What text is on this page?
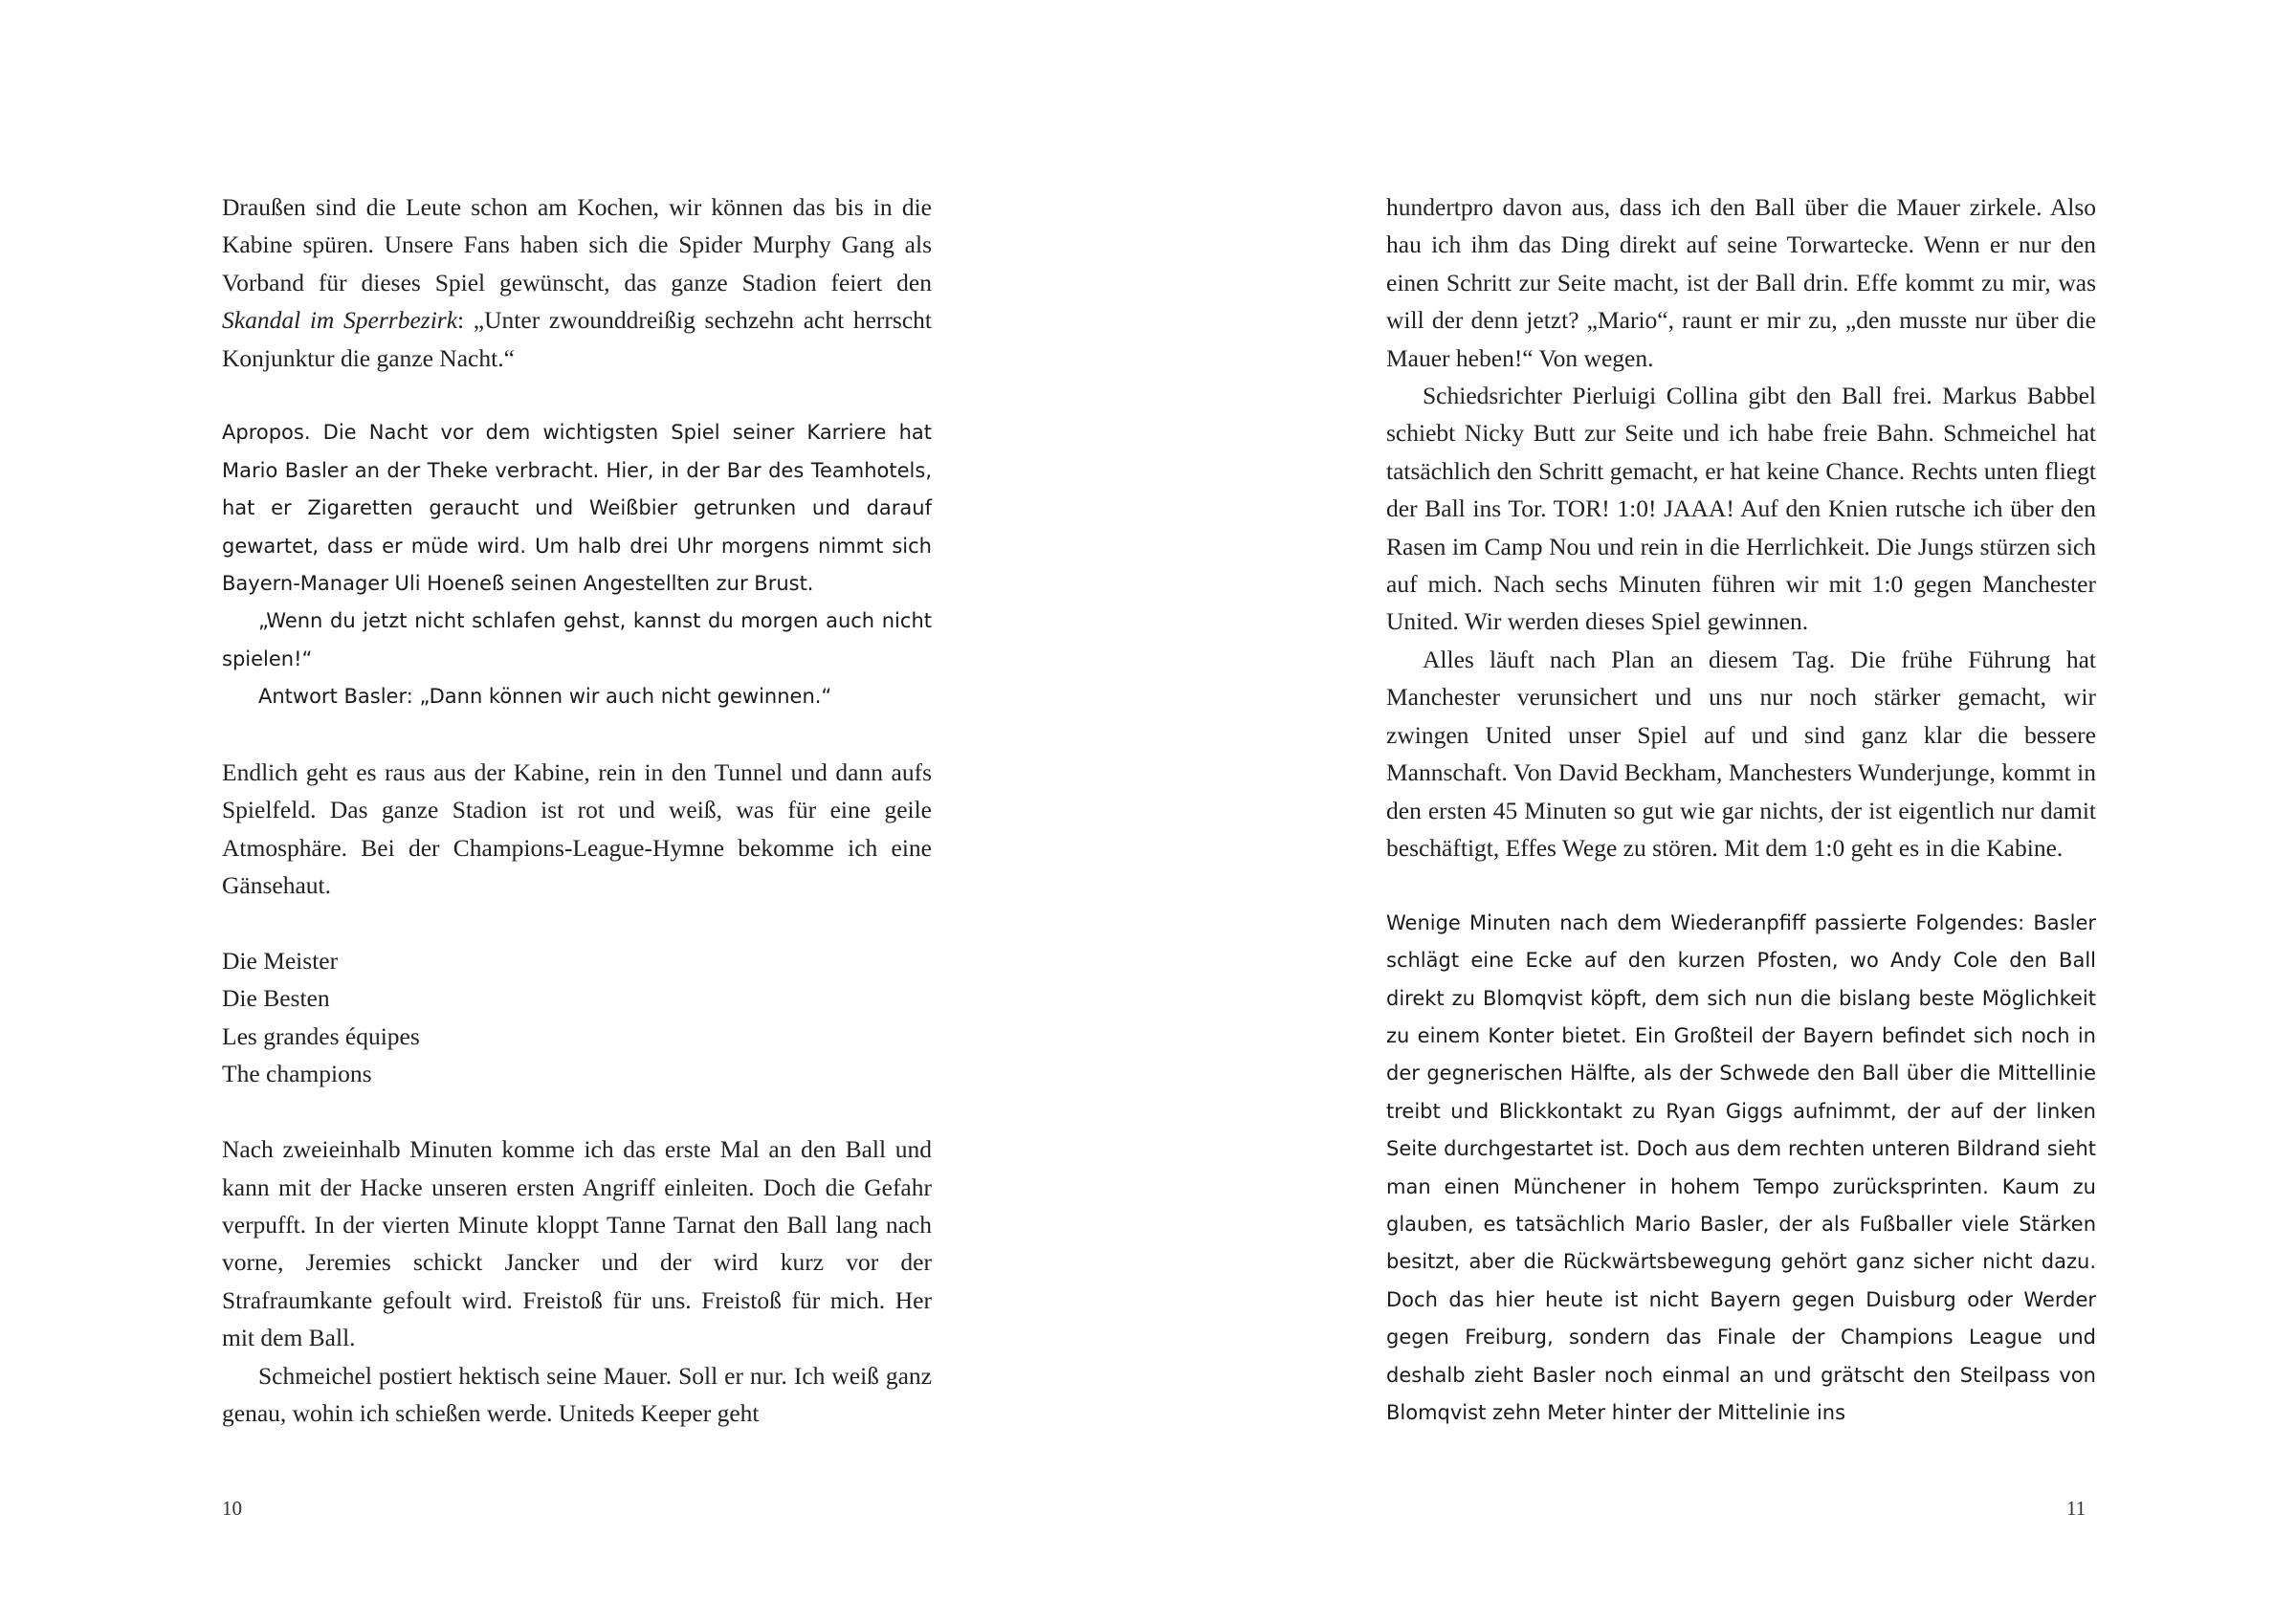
Draußen sind die Leute schon am Kochen, wir können das bis in die Kabine spüren. Unsere Fans haben sich die Spider Murphy Gang als Vorband für dieses Spiel gewünscht, das ganze Stadion feiert den Skandal im Sperrbezirk: „Unter zwounddreißig sechzehn acht herrscht Konjunktur die ganze Nacht.“

Apropos. Die Nacht vor dem wichtigsten Spiel seiner Karriere hat Mario Basler an der Theke verbracht. Hier, in der Bar des Teamhotels, hat er Zigaretten geraucht und Weißbier getrunken und darauf gewartet, dass er müde wird. Um halb drei Uhr morgens nimmt sich Bayern-Manager Uli Hoeneß seinen Angestellten zur Brust.

„Wenn du jetzt nicht schlafen gehst, kannst du morgen auch nicht spielen!“

Antwort Basler: „Dann können wir auch nicht gewinnen.“

Endlich geht es raus aus der Kabine, rein in den Tunnel und dann aufs Spielfeld. Das ganze Stadion ist rot und weiß, was für eine geile Atmosphäre. Bei der Champions-League-Hymne bekomme ich eine Gänsehaut.

Die Meister

Die Besten

Les grandes équipes

The champions

Nach zweieinhalb Minuten komme ich das erste Mal an den Ball und kann mit der Hacke unseren ersten Angriff einleiten. Doch die Gefahr verpufft. In der vierten Minute kloppt Tanne Tarnat den Ball lang nach vorne, Jeremies schickt Jancker und der wird kurz vor der Strafraumkante gefoult wird. Freistoß für uns. Freistoß für mich. Her mit dem Ball.

Schmeichel postiert hektisch seine Mauer. Soll er nur. Ich weiß ganz genau, wohin ich schießen werde. Uniteds Keeper geht

10

hundertpro davon aus, dass ich den Ball über die Mauer zirkele. Also hau ich ihm das Ding direkt auf seine Torwartecke. Wenn er nur den einen Schritt zur Seite macht, ist der Ball drin. Effe kommt zu mir, was will der denn jetzt? „Mario“, raunt er mir zu, „den musste nur über die Mauer heben!“ Von wegen.

Schiedsrichter Pierluigi Collina gibt den Ball frei. Markus Babbel schiebt Nicky Butt zur Seite und ich habe freie Bahn. Schmeichel hat tatsächlich den Schritt gemacht, er hat keine Chance. Rechts unten fliegt der Ball ins Tor. TOR! 1:0! JAAA! Auf den Knien rutsche ich über den Rasen im Camp Nou und rein in die Herrlichkeit. Die Jungs stürzen sich auf mich. Nach sechs Minuten führen wir mit 1:0 gegen Manchester United. Wir werden dieses Spiel gewinnen.

Alles läuft nach Plan an diesem Tag. Die frühe Führung hat Manchester verunsichert und uns nur noch stärker gemacht, wir zwingen United unser Spiel auf und sind ganz klar die bessere Mannschaft. Von David Beckham, Manchesters Wunderjunge, kommt in den ersten 45 Minuten so gut wie gar nichts, der ist eigentlich nur damit beschäftigt, Effes Wege zu stören. Mit dem 1:0 geht es in die Kabine.

Wenige Minuten nach dem Wiederanpfiff passierte Folgendes: Basler schlägt eine Ecke auf den kurzen Pfosten, wo Andy Cole den Ball direkt zu Blomqvist köpft, dem sich nun die bislang beste Möglichkeit zu einem Konter bietet. Ein Großteil der Bayern befindet sich noch in der gegnerischen Hälfte, als der Schwede den Ball über die Mittellinie treibt und Blickkontakt zu Ryan Giggs aufnimmt, der auf der linken Seite durchgestartet ist. Doch aus dem rechten unteren Bildrand sieht man einen Münchener in hohem Tempo zurücksprinten. Kaum zu glauben, es tatsächlich Mario Basler, der als Fußballer viele Stärken besitzt, aber die Rückwärtsbewegung gehört ganz sicher nicht dazu. Doch das hier heute ist nicht Bayern gegen Duisburg oder Werder gegen Freiburg, sondern das Finale der Champions League und deshalb zieht Basler noch einmal an und grätscht den Steilpass von Blomqvist zehn Meter hinter der Mittelinie ins

11
